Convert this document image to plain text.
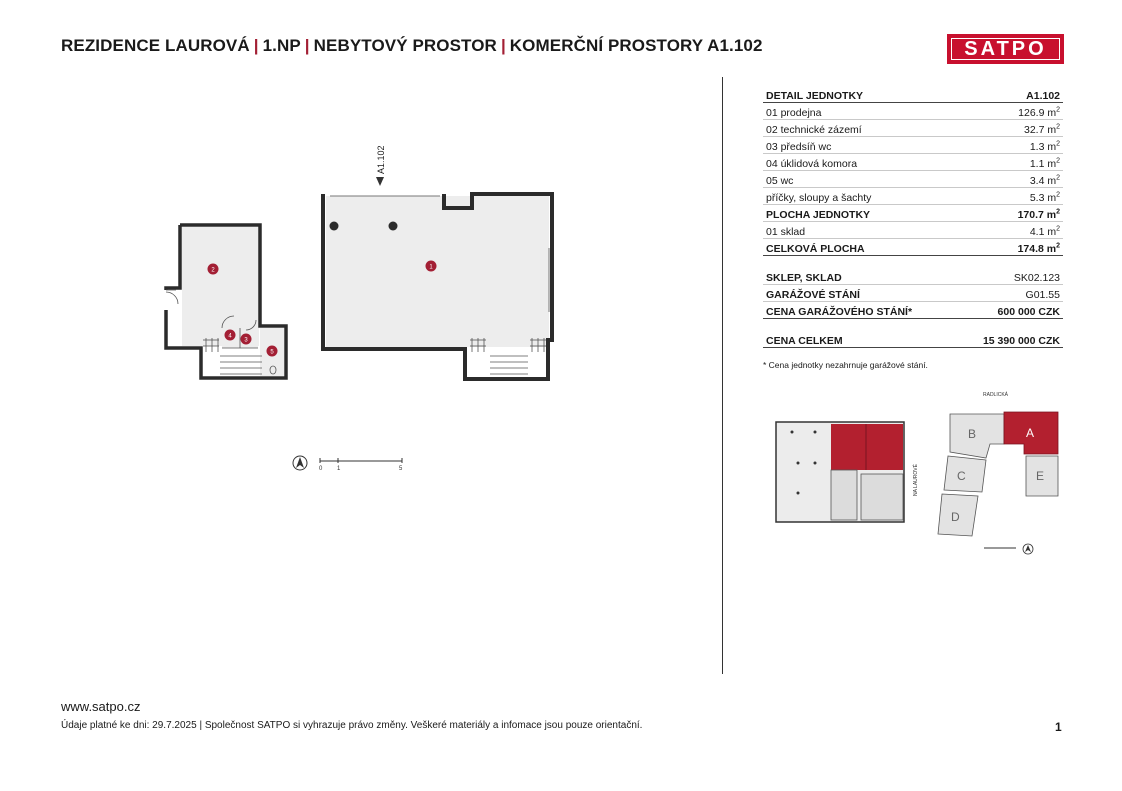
REZIDENCE LAUROVÁ | 1.NP | NEBYTOVÝ PROSTOR | KOMERČNÍ PROSTORY A1.102	SATPO
A1.102
1
2
3
4
5
0 1	5
DETAIL JEDNOTKY	A1.102
01 prodejna	126.9 $m^2$
02 technické zázemí	32.7 $m^2$
03 předsíň wc	1.3 $m^2$
04 úklidová komora	1.1 $m^2$
05 wc	3.4 $m^2$
příčky, sloupy a šachty	5.3 $m^2$
PLOCHA JEDNOTKY	170.7 $m^2$
01 sklad	4.1 $m^2$
CELKOVÁ PLOCHA	174.8 $m^2$
SKLEP, SKLAD	SK02.123
GARÁŽOVÉ STÁNÍ	G01.55
CENA GARÁŽOVÉHO STÁNÍ*	600 000 CZK
CENA CELKEM	15 390 000 CZK
* Cena jednotky nezahrnuje garážové stání.
NA LAUROVÉ
RADLICKÁ
A
B
C
D
E
www.satpo.cz
Údaje platné ke dni: 29.7.2025 | Společnost SATPO si vyhrazuje právo změny. Veškeré materiály a infomace jsou pouze orientační.	1
